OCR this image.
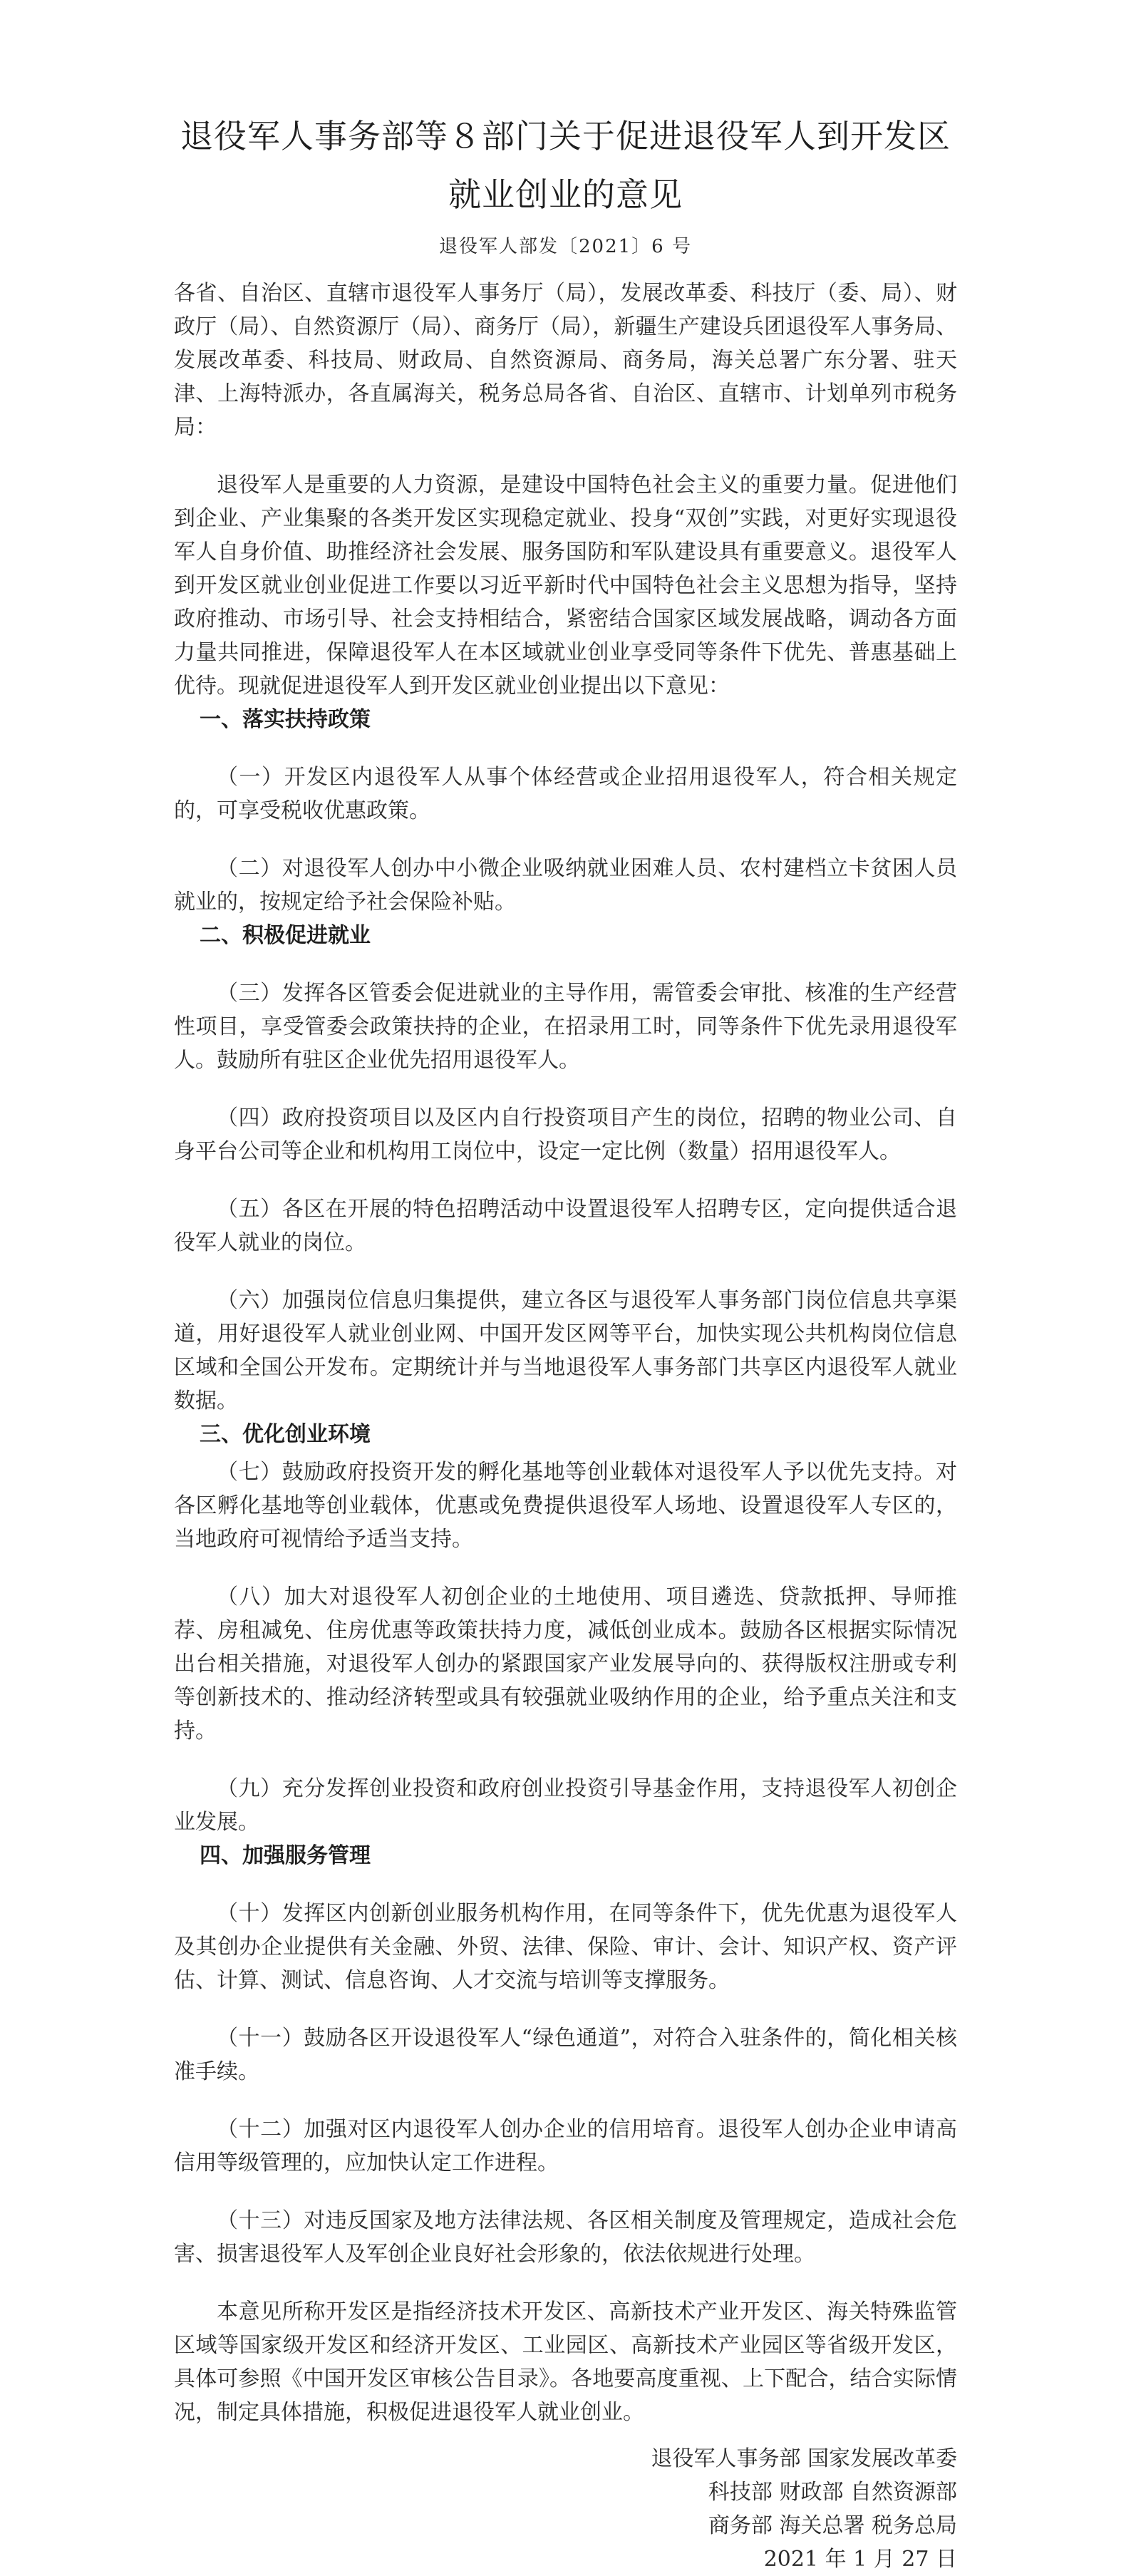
退役军人事务部等８部门关于促进退役军人到开发区
就业创业的意见
退役军人部发〔2021〕6 号
各省、自治区、直辖市退役军人事务厅（局），发展改革委、科技厅（委、局）、财政厅（局）、自然资源厅（局）、商务厅（局），新疆生产建设兵团退役军人事务局、发展改革委、科技局、财政局、自然资源局、商务局，海关总署广东分署、驻天津、上海特派办，各直属海关，税务总局各省、自治区、直辖市、计划单列市税务局：

退役军人是重要的人力资源，是建设中国特色社会主义的重要力量。促进他们到企业、产业集聚的各类开发区实现稳定就业、投身“双创”实践，对更好实现退役军人自身价值、助推经济社会发展、服务国防和军队建设具有重要意义。退役军人到开发区就业创业促进工作要以习近平新时代中国特色社会主义思想为指导，坚持政府推动、市场引导、社会支持相结合，紧密结合国家区域发展战略，调动各方面力量共同推进，保障退役军人在本区域就业创业享受同等条件下优先、普惠基础上优待。现就促进退役军人到开发区就业创业提出以下意见：

一、落实扶持政策

（一）开发区内退役军人从事个体经营或企业招用退役军人，符合相关规定的，可享受税收优惠政策。

（二）对退役军人创办中小微企业吸纳就业困难人员、农村建档立卡贫困人员就业的，按规定给予社会保险补贴。

二、积极促进就业

（三）发挥各区管委会促进就业的主导作用，需管委会审批、核准的生产经营性项目，享受管委会政策扶持的企业，在招录用工时，同等条件下优先录用退役军人。鼓励所有驻区企业优先招用退役军人。

（四）政府投资项目以及区内自行投资项目产生的岗位，招聘的物业公司、自身平台公司等企业和机构用工岗位中，设定一定比例（数量）招用退役军人。

（五）各区在开展的特色招聘活动中设置退役军人招聘专区，定向提供适合退役军人就业的岗位。

（六）加强岗位信息归集提供，建立各区与退役军人事务部门岗位信息共享渠道，用好退役军人就业创业网、中国开发区网等平台，加快实现公共机构岗位信息区域和全国公开发布。定期统计并与当地退役军人事务部门共享区内退役军人就业数据。

三、优化创业环境

（七）鼓励政府投资开发的孵化基地等创业载体对退役军人予以优先支持。对各区孵化基地等创业载体，优惠或免费提供退役军人场地、设置退役军人专区的，当地政府可视情给予适当支持。

（八）加大对退役军人初创企业的土地使用、项目遴选、贷款抵押、导师推荐、房租减免、住房优惠等政策扶持力度，减低创业成本。鼓励各区根据实际情况出台相关措施，对退役军人创办的紧跟国家产业发展导向的、获得版权注册或专利等创新技术的、推动经济转型或具有较强就业吸纳作用的企业，给予重点关注和支持。

（九）充分发挥创业投资和政府创业投资引导基金作用，支持退役军人初创企业发展。

四、加强服务管理

（十）发挥区内创新创业服务机构作用，在同等条件下，优先优惠为退役军人及其创办企业提供有关金融、外贸、法律、保险、审计、会计、知识产权、资产评估、计算、测试、信息咨询、人才交流与培训等支撑服务。

（十一）鼓励各区开设退役军人“绿色通道”，对符合入驻条件的，简化相关核准手续。

（十二）加强对区内退役军人创办企业的信用培育。退役军人创办企业申请高信用等级管理的，应加快认定工作进程。

（十三）对违反国家及地方法律法规、各区相关制度及管理规定，造成社会危害、损害退役军人及军创企业良好社会形象的，依法依规进行处理。

本意见所称开发区是指经济技术开发区、高新技术产业开发区、海关特殊监管区域等国家级开发区和经济开发区、工业园区、高新技术产业园区等省级开发区，具体可参照《中国开发区审核公告目录》。各地要高度重视、上下配合，结合实际情况，制定具体措施，积极促进退役军人就业创业。

退役军人事务部 国家发展改革委
科技部 财政部 自然资源部
商务部 海关总署 税务总局
2021 年 1 月 27 日
